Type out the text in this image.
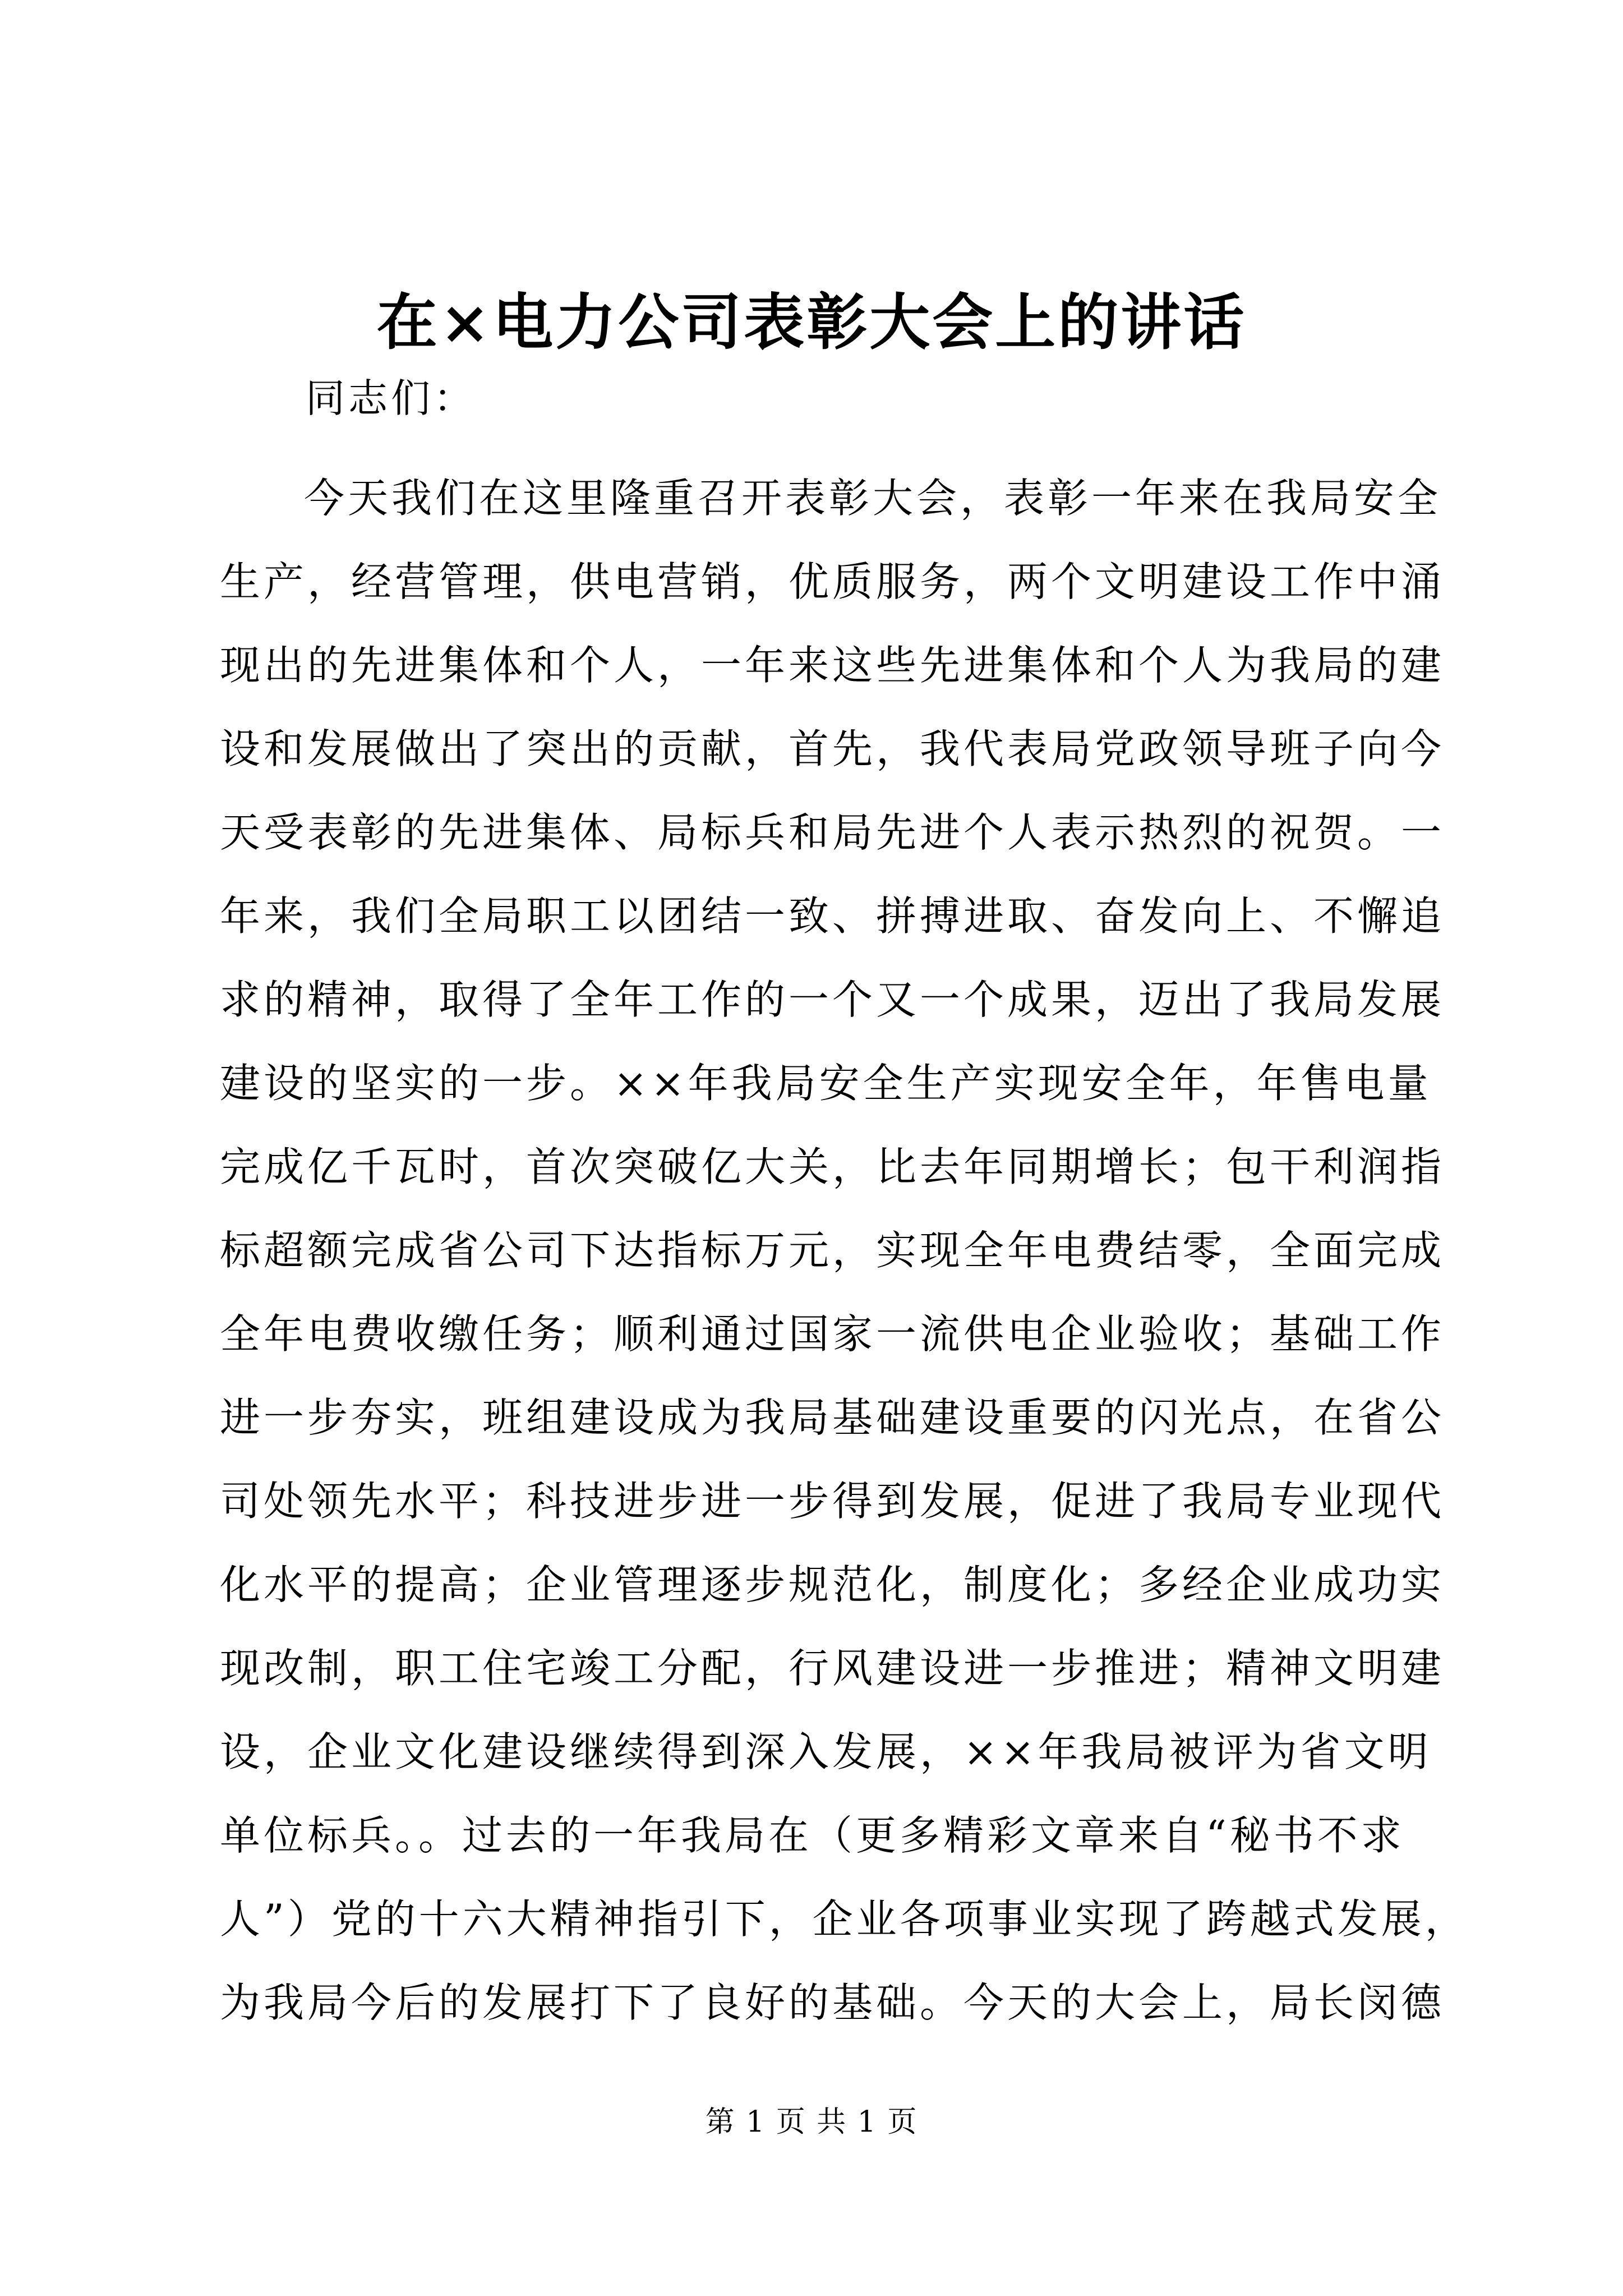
在×电力公司表彰大会上的讲话
同志们：
今天我们在这里隆重召开表彰大会，表彰一年来在我局安全
生产，经营管理，供电营销，优质服务，两个文明建设工作中涌
现出的先进集体和个人，一年来这些先进集体和个人为我局的建
设和发展做出了突出的贡献，首先，我代表局党政领导班子向今
天受表彰的先进集体、局标兵和局先进个人表示热烈的祝贺。一
年来，我们全局职工以团结一致、拼搏进取、奋发向上、不懈追
求的精神，取得了全年工作的一个又一个成果，迈出了我局发展
建设的坚实的一步。××年我局安全生产实现安全年，年售电量
完成亿千瓦时，首次突破亿大关，比去年同期增长；包干利润指
标超额完成省公司下达指标万元，实现全年电费结零，全面完成
全年电费收缴任务；顺利通过国家一流供电企业验收；基础工作
进一步夯实，班组建设成为我局基础建设重要的闪光点，在省公
司处领先水平；科技进步进一步得到发展，促进了我局专业现代
化水平的提高；企业管理逐步规范化，制度化；多经企业成功实
现改制，职工住宅竣工分配，行风建设进一步推进；精神文明建
设，企业文化建设继续得到深入发展，××年我局被评为省文明
单位标兵。。过去的一年我局在（更多精彩文章来自“秘书不求
人”）党的十六大精神指引下，企业各项事业实现了跨越式发展，
为我局今后的发展打下了良好的基础。今天的大会上，局长闵德
第 1 页 共 1 页
